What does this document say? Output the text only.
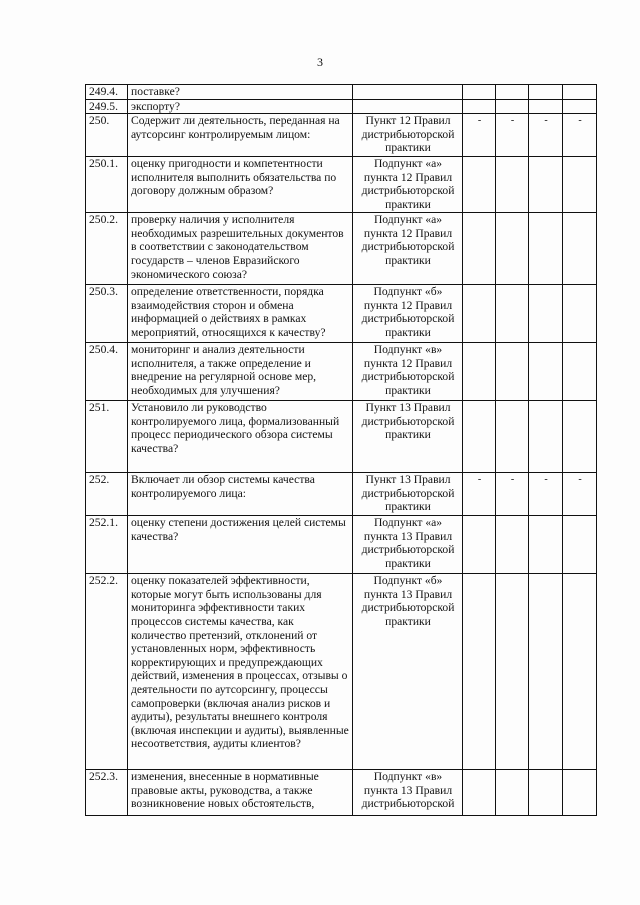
3
249.4.	поставке?					
249.5.	экспорту?					
250.	Содержит ли деятельность, переданная на аутсорсинг контролируемым лицом:	Пункт 12 Правил дистрибьюторской практики	-	-	-	-
250.1.	оценку пригодности и компетентности исполнителя выполнить обязательства по договору должным образом?	Подпункт «а» пункта 12 Правил дистрибьюторской практики				
250.2.	проверку наличия у исполнителя необходимых разрешительных документов в соответствии с законодательством государств – членов Евразийского экономического союза?	Подпункт «а» пункта 12 Правил дистрибьюторской практики				
250.3.	определение ответственности, порядка взаимодействия сторон и обмена информацией о действиях в рамках мероприятий, относящихся к качеству?	Подпункт «б» пункта 12 Правил дистрибьюторской практики				
250.4.	мониторинг и анализ деятельности исполнителя, а также определение и внедрение на регулярной основе мер, необходимых для улучшения?	Подпункт «в» пункта 12 Правил дистрибьюторской практики				
251.	Установило ли руководство контролируемого лица, формализованный процесс периодического обзора системы качества?	Пункт 13 Правил дистрибьюторской практики				
252.	Включает ли обзор системы качества контролируемого лица:	Пункт 13 Правил дистрибьюторской практики	-	-	-	-
252.1.	оценку степени достижения целей системы качества?	Подпункт «а» пункта 13 Правил дистрибьюторской практики				
252.2.	оценку показателей эффективности, которые могут быть использованы для мониторинга эффективности таких процессов системы качества, как количество претензий, отклонений от установленных норм, эффективность корректирующих и предупреждающих действий, изменения в процессах, отзывы о деятельности по аутсорсингу, процессы самопроверки (включая анализ рисков и аудиты), результаты внешнего контроля (включая инспекции и аудиты), выявленные несоответствия, аудиты клиентов?	Подпункт «б» пункта 13 Правил дистрибьюторской практики				
252.3.	изменения, внесенные в нормативные правовые акты, руководства, а также возникновение новых обстоятельств,	Подпункт «в» пункта 13 Правил дистрибьюторской				
